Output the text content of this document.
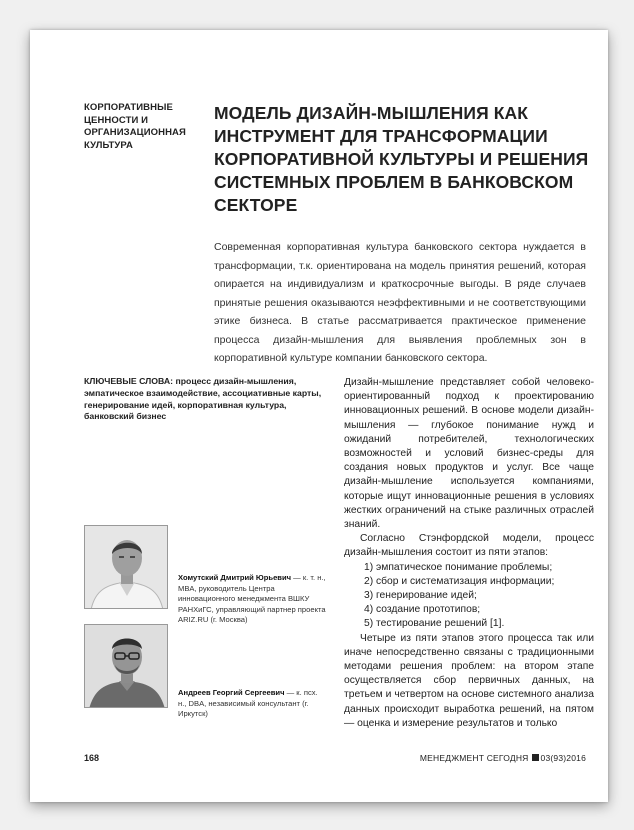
КОРПОРАТИВНЫЕ ЦЕННОСТИ И ОРГАНИЗАЦИОННАЯ КУЛЬТУРА
МОДЕЛЬ ДИЗАЙН-МЫШЛЕНИЯ КАК ИНСТРУМЕНТ ДЛЯ ТРАНСФОРМАЦИИ КОРПОРАТИВНОЙ КУЛЬТУРЫ И РЕШЕНИЯ СИСТЕМНЫХ ПРОБЛЕМ В БАНКОВСКОМ СЕКТОРЕ

Современная корпоративная культура банковского сектора нуждается в трансформации, т.к. ориентирована на модель принятия решений, которая опирается на индивидуализм и краткосрочные выгоды. В ряде случаев принятые решения оказываются неэффективными и не соответствующими этике бизнеса. В статье рассматривается практическое применение процесса дизайн-мышления для выявления проблемных зон в корпоративной культуре компании банковского сектора.

КЛЮЧЕВЫЕ СЛОВА: процесс дизайн-мышления, эмпатическое взаимодействие, ассоциативные карты, генерирование идей, корпоративная культура, банковский бизнес

Хомутский Дмитрий Юрьевич — к. т. н., MBA, руководитель Центра инновационного менеджмента ВШКУ РАНХиГС, управляющий партнер проекта ARIZ.RU (г. Москва)

Андреев Георгий Сергеевич — к. псх. н., DBA, независимый консультант (г. Иркутск)

Дизайн-мышление представляет собой человеко-ориентированный подход к проектированию инновационных решений. В основе модели дизайн-мышления — глубокое понимание нужд и ожиданий потребителей, технологических возможностей и условий бизнес-среды для создания новых продуктов и услуг. Все чаще дизайн-мышление используется компаниями, которые ищут инновационные решения в условиях жестких ограничений на стыке различных отраслей знаний.

Согласно Стэнфордской модели, процесс дизайн-мышления состоит из пяти этапов:

1) эмпатическое понимание проблемы;
2) сбор и систематизация информации;
3) генерирование идей;
4) создание прототипов;
5) тестирование решений [1].

Четыре из пяти этапов этого процесса так или иначе непосредственно связаны с традиционными методами решения проблем: на втором этапе осуществляется сбор первичных данных, на третьем и четвертом на основе системного анализа данных происходит выработка решений, на пятом — оценка и измерение результатов и только

168	МЕНЕДЖМЕНТ СЕГОДНЯ 03(93)2016
